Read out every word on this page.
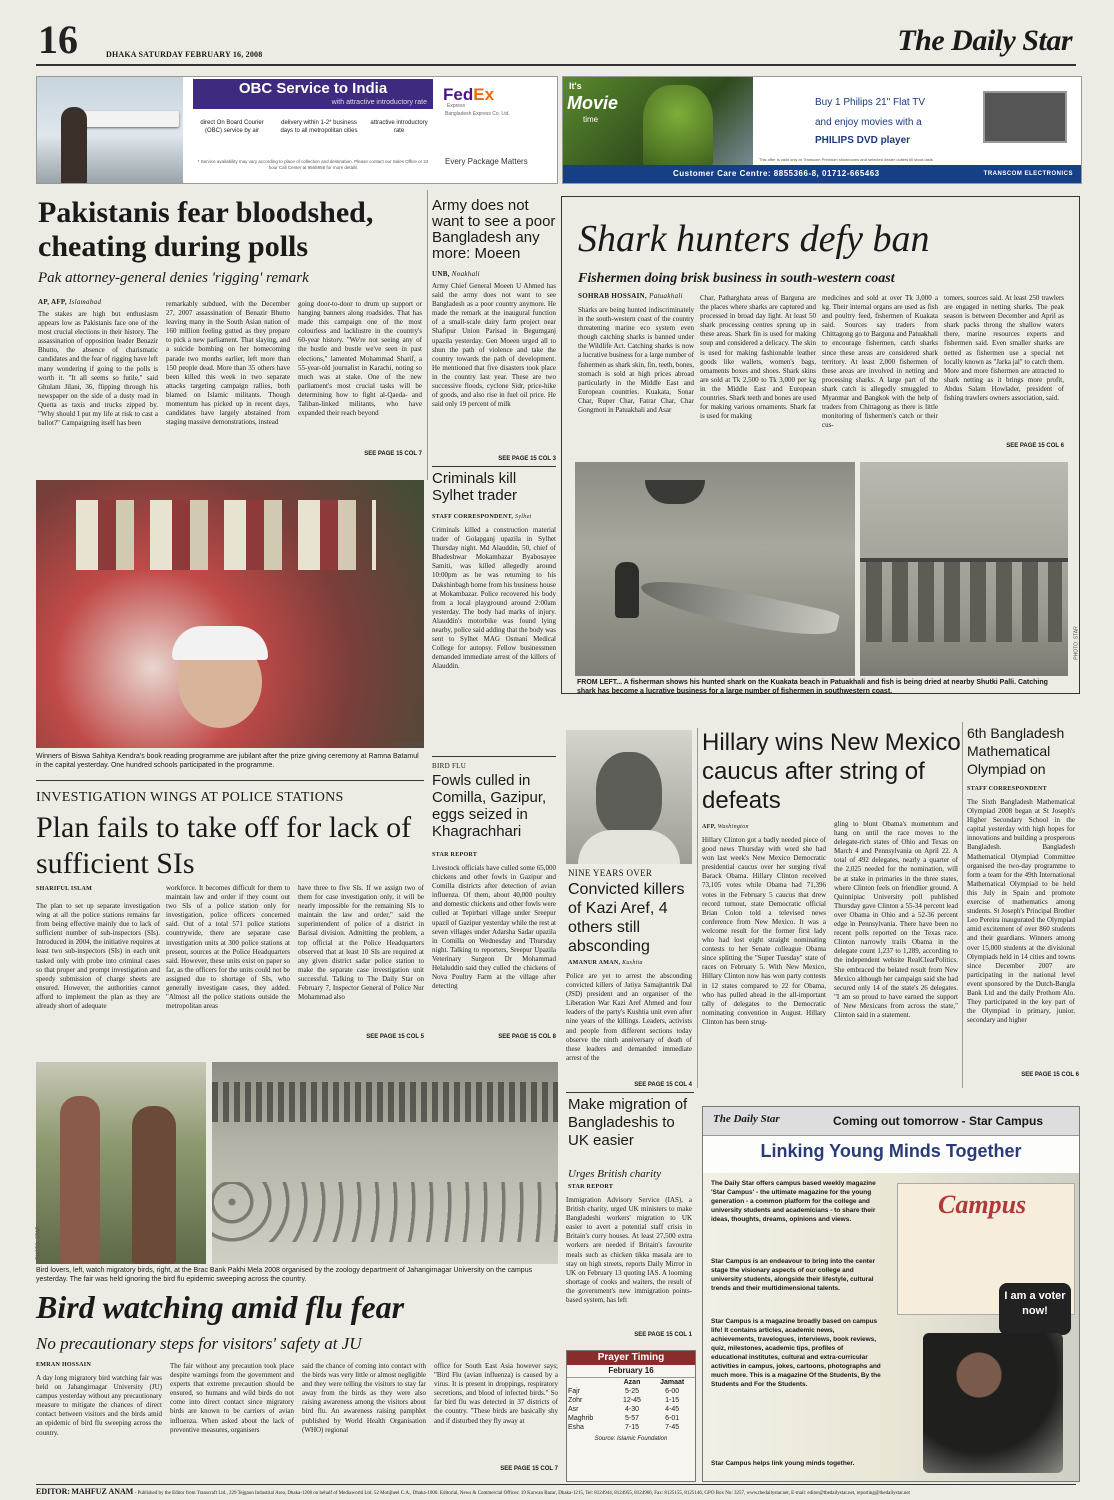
16	DHAKA SATURDAY FEBRUARY 16, 2008	The Daily Star
OBC Service to India
with attractive introductory rate
direct On Board Courier (OBC) service by air
delivery within 1-2* business days to all metropolitan cities
attractive introductory rate
* Service availability may vary according to place of collection and destination. Please contact our Sales Office or 24 hour Call Center at 9565958 for more details
FedEx
Express
Bangladesh Express Co. Ltd.
Every Package Matters
It's
Movie
time
Buy 1 Philips 21" Flat TV
and enjoy movies with a
PHILIPS DVD player
This offer is valid only at Transcom Premium showrooms and selected dealer outlets till stock lasts
Customer Care Centre: 8855366-8, 01712-665463	TRANSCOM ELECTRONICS
Pakistanis fear bloodshed, cheating during polls
Pak attorney-general denies 'rigging' remark
AP, AFP, Islamabad
The stakes are high but enthusiasm appears low as Pakistanis face one of the most crucial elections in their history. The assassination of opposition leader Benazir Bhutto, the absence of charismatic candidates and the fear of rigging have left many wondering if going to the polls is worth it. "It all seems so futile," said Ghulam Jilani, 36, flipping through his newspaper on the side of a dusty road in Quetta as taxis and trucks zipped by. "Why should I put my life at risk to cast a ballot?" Campaigning itself has been
remarkably subdued, with the December 27, 2007 assassination of Benazir Bhutto leaving many in the South Asian nation of 160 million feeling gutted as they prepare to pick a new parliament. That slaying, and a suicide bombing on her homecoming parade two months earlier, left more than 150 people dead. More than 35 others have been killed this week in two separate attacks targeting campaign rallies, both blamed on Islamic militants. Though momentum has picked up in recent days, candidates have largely abstained from staging massive demonstrations, instead
going door-to-door to drum up support or hanging banners along roadsides. That has made this campaign one of the most colourless and lacklustre in the country's 60-year history. "We're not seeing any of the hustle and bustle we've seen in past elections," lamented Mohammad Sharif, a 55-year-old journalist in Karachi, noting so much was at stake. One of the new parliament's most crucial tasks will be determining how to fight al-Qaeda- and Taliban-linked militants, who have expanded their reach beyond
SEE PAGE 15 COL 7
Army does not want to see a poor Bangladesh any more: Moeen
UNB, Noakhali
Army Chief General Moeen U Ahmed has said the army does not want to see Bangladesh as a poor country anymore. He made the remark at the inaugural function of a small-scale dairy farm project near Shafipur Union Parisad in Begumganj upazila yesterday. Gen Moeen urged all to shun the path of violence and take the country towards the path of development. He mentioned that five disasters took place in the country last year. These are two successive floods, cyclone Sidr, price-hike of goods, and also rise in fuel oil price. He said only 19 percent of milk
SEE PAGE 15 COL 3
Shark hunters defy ban
Fishermen doing brisk business in south-western coast
SOHRAB HOSSAIN, Patuakhali
Sharks are being hunted indiscriminately in the south-western coast of the country threatening marine eco system even though catching sharks is banned under the Wildlife Act. Catching sharks is now a lucrative business for a large number of fishermen as shark skin, fin, teeth, bones, stomach is sold at high prices abroad particularly in the Middle East and European countries. Kuakata, Sonar Char, Ruper Char, Fatrar Char, Char Gongmoti in Patuakhali and Asar
Char, Patharghata areas of Barguna are the places where sharks are captured and processed in broad day light. At least 50 shark processing centres sprung up in these areas. Shark fin is used for making soup and considered a delicacy. The skin is used for making fashionable leather goods like wallets, women's bags, ornaments boxes and shoes. Shark skins are sold at Tk 2,500 to Tk 3,000 per kg in the Middle East and European countries. Shark teeth and bones are used for making various ornaments. Shark fat is used for making
medicines and sold at over Tk 3,000 a kg. Their internal organs are used as fish and poultry feed, fishermen of Kuakata said. Sources say traders from Chittagong go to Barguna and Patuakhali to encourage fishermen, catch sharks since these areas are considered shark territory. At least 2,000 fishermen of these areas are involved in netting and processing sharks. A large part of the shark catch is allegedly smuggled to Myanmar and Bangkok with the help of traders from Chittagong as there is little monitoring of fishermen's catch or their cus-
tomers, sources said. At least 250 trawlers are engaged in netting sharks. The peak season is between December and April as shark packs throng the shallow waters there, marine resources experts and fishermen said. Even smaller sharks are netted as fishermen use a special net locally known as "Jarka jal" to catch them. More and more fishermen are attracted to shark netting as it brings more profit, Abdus Salam Howlader, president of fishing trawlers owners association, said.
SEE PAGE 15 COL 6
PHOTO: STAR
FROM LEFT... A fisherman shows his hunted shark on the Kuakata beach in Patuakhali and fish is being dried at nearby Shutki Palli. Catching shark has become a lucrative business for a large number of fishermen in southwestern coast.
PHOTO: STAR
Winners of Biswa Sahitya Kendra's book reading programme are jubilant after the prize giving ceremony at Ramna Batamul in the capital yesterday. One hundred schools participated in the programme.
Criminals kill Sylhet trader
STAFF CORRESPONDENT, Sylhet
Criminals killed a construction material trader of Golapganj upazila in Sylhet Thursday night. Md Alauddin, 50, chief of Bhadeshwar Mokambazar Byabosayee Samiti, was killed allegedly around 10:00pm as he was returning to his Dakshinbagh home from his business house at Mokambazar. Police recovered his body from a local playground around 2:00am yesterday. The body had marks of injury. Alauddin's motorbike was found lying nearby, police said adding that the body was sent to Sylhet MAG Osmani Medical College for autopsy. Fellow businessmen demanded immediate arrest of the killers of Alauddin.
BIRD FLU
Fowls culled in Comilla, Gazipur, eggs seized in Khagrachhari
STAR REPORT
Livestock officials have culled some 65,000 chickens and other fowls in Gazipur and Comilla districts after detection of avian influenza. Of them, about 40,000 poultry and domestic chickens and other fowls were culled at Tepirbari village under Sreepur upazil of Gazipur yesterday while the rest at seven villages under Adarsha Sadar upazila in Comilla on Wednesday and Thursday night. Talking to reporters, Sreepur Upazila Veterinary Surgeon Dr Mohammad Helaluddin said they culled the chickens of Nova Poultry Farm at the village after detecting
SEE PAGE 15 COL 8
INVESTIGATION WINGS AT POLICE STATIONS
Plan fails to take off for lack of sufficient SIs
SHARIFUL ISLAM
The plan to set up separate investigation wing at all the police stations remains far from being effective mainly due to lack of sufficient number of sub-inspectors (SIs). Introduced in 2004, the initiative requires at least two sub-inspectors (SIs) in each unit tasked only with probe into criminal cases so that proper and prompt investigation and speedy submission of charge sheets are ensured. However, the authorities cannot afford to implement the plan as they are already short of adequate
workforce. It becomes difficult for them to maintain law and order if they count out two SIs of a police station only for investigation, police officers concerned said. Out of a total 571 police stations countrywide, there are separate case investigation units at 300 police stations at present, sources at the Police Headquarters said. However, these units exist on paper so far, as the officers for the units could not be assigned due to shortage of SIs, who generally investigate cases, they added. "Almost all the police stations outside the metropolitan areas
have three to five SIs. If we assign two of them for case investigation only, it will be nearly impossible for the remaining SIs to maintain the law and order," said the superintendent of police of a district in Barisal division. Admitting the problem, a top official at the Police Headquarters observed that at least 10 SIs are required at any given district sadar police station to make the separate case investigation unit successful. Talking to The Daily Star on February 7, Inspector General of Police Nur Mohammad also
SEE PAGE 15 COL 5
NINE YEARS OVER
Convicted killers of Kazi Aref, 4 others still absconding
AMANUR AMAN, Kushtia
Police are yet to arrest the absconding convicted killers of Jatiya Samajtantrik Dal (JSD) president and an organiser of the Liberation War Kazi Aref Ahmed and four leaders of the party's Kushtia unit even after nine years of the killings. Leaders, activists and people from different sections today observe the ninth anniversary of death of these leaders and demanded immediate arrest of the
SEE PAGE 15 COL 4
Hillary wins New Mexico caucus after string of defeats
AFP, Washington
Hillary Clinton got a badly needed piece of good news Thursday with word she had won last week's New Mexico Democratic presidential caucus over her surging rival Barack Obama. Hillary Clinton received 73,105 votes while Obama had 71,396 votes in the February 5 caucus that drew record turnout, state Democratic official Brian Colon told a televised news conference from New Mexico. It was a welcome result for the former first lady who had lost eight straight nominating contests to her Senate colleague Obama since splitting the "Super Tuesday" state of races on February 5. With New Mexico, Hillary Clinton now has won party contests in 12 states compared to 22 for Obama, who has pulled ahead in the all-important tally of delegates to the Democratic nominating convention in August. Hillary Clinton has been strug-
gling to blunt Obama's momentum and hang on until the race moves to the delegate-rich states of Ohio and Texas on March 4 and Pennsylvania on April 22. A total of 492 delegates, nearly a quarter of the 2,025 needed for the nomination, will be at stake in primaries in the three states, where Clinton feels on friendlier ground. A Quinnipiac University poll published Thursday gave Clinton a 55-34 percent lead over Obama in Ohio and a 52-36 percent edge in Pennsylvania. There have been no recent polls reported on the Texas race. Clinton narrowly trails Obama in the delegate count 1,237 to 1,289, according to the independent website RealClearPolitics. She embraced the belated result from New Mexico although her campaign said she had secured only 14 of the state's 26 delegates. "I am so proud to have earned the support of New Mexicans from across the state," Clinton said in a statement.
6th Bangladesh Mathematical Olympiad on
STAFF CORRESPONDENT
The Sixth Bangladesh Mathematical Olympiad 2008 began at St Joseph's Higher Secondary School in the capital yesterday with high hopes for innovations and building a prosperous Bangladesh. Bangladesh Mathematical Olympiad Committee organised the two-day programme to form a team for the 49th International Mathematical Olympiad to be held this July in Spain and promote exercise of mathematics among students. St Joseph's Principal Brother Leo Pereira inaugurated the Olympiad amid excitement of over 860 students and their guardians. Winners among over 15,000 students at the divisional Olympiads held in 14 cities and towns since December 2007 are participating in the national level event sponsored by the Dutch-Bangla Bank Ltd and the daily Prothom Alo. They participated in the key part of the Olympiad in primary, junior, secondary and higher
SEE PAGE 15 COL 6
Make migration of Bangladeshis to UK easier
Urges British charity
STAR REPORT
Immigration Advisory Service (IAS), a British charity, urged UK ministers to make Bangladeshi workers' migration to UK easier to avert a potential staff crisis in Britain's curry houses. At least 27,500 extra workers are needed if Britain's favourite meals such as chicken tikka masala are to stay on high streets, reports Daily Mirror in UK on February 13 quoting IAS. A looming shortage of cooks and waiters, the result of the government's new immigration points-based system, has left
SEE PAGE 15 COL 1
Prayer Timing
February 16
	Azan	Jamaat
Fajr	5-25	6-00
Zohr	12-45	1-15
Asr	4-30	4-45
Maghrib	5-57	6-01
Esha	7-15	7-45
Source: Islamic Foundation
PHOTO: STAR
Bird lovers, left, watch migratory birds, right, at the Brac Bank Pakhi Mela 2008 organised by the zoology department of Jahangirnagar University on the campus yesterday. The fair was held ignoring the bird flu epidemic sweeping across the country.
Bird watching amid flu fear
No precautionary steps for visitors' safety at JU
EMRAN HOSSAIN
A day long migratory bird watching fair was held on Jahangirnagar University (JU) campus yesterday without any precautionary measure to mitigate the chances of direct contact between visitors and the birds amid an epidemic of bird flu sweeping across the country.
The fair without any precaution took place despite warnings from the government and experts that extreme precaution should be ensured, so humans and wild birds do not come into direct contact since migratory birds are known to be carriers of avian influenza. When asked about the lack of preventive measures, organisers
said the chance of coming into contact with the birds was very little or almost negligible and they were telling the visitors to stay far away from the birds as they were also raising awareness among the visitors about bird flu. An awareness raising pamphlet published by World Health Organisation (WHO) regional
office for South East Asia however says; "Bird Flu (avian influenza) is caused by a virus. It is present in droppings, respiratory secretions, and blood of infected birds." So far bird flu was detected in 37 districts of the country. "These birds are basically shy and if disturbed they fly away at
SEE PAGE 15 COL 7
The Daily Star	Coming out tomorrow - Star Campus
Linking Young Minds Together
The Daily Star offers campus based weekly magazine 'Star Campus' - the ultimate magazine for the young generation - a common platform for the college and university students and academicians - to share their ideas, thoughts, dreams, opinions and views.
Star Campus is an endeavour to bring into the center stage the visionary aspects of our college and university students, alongside their lifestyle, cultural trends and their multidimensional talents.
Star Campus is a magazine broadly based on campus life! It contains articles, academic news, achievements, travelogues, interviews, book reviews, quiz, milestones, academic tips, profiles of educational institutes, cultural and extra-curricular activities in campus, jokes, cartoons, photographs and much more. This is a magazine Of the Students, By the Students and For the Students.
Star Campus helps link young minds together.
Campus
I am a voter now!
EDITOR: MAHFUZ ANAM - Published by the Editor from Transcraft Ltd., 229 Tejgaon Industrial Area, Dhaka-1208 on behalf of Mediaworld Ltd. 52 Motijheel C.A., Dhaka-1000. Editorial, News & Commercial Offices: 19 Karwan Bazar, Dhaka-1215, Tel: 8124944, 8124955, 8124966, Fax: 8125155, 8125146, GPO Box No: 3257, www.thedailystar.net, E-mail: editor@thedailystar.net, reporting@thedailystar.net
